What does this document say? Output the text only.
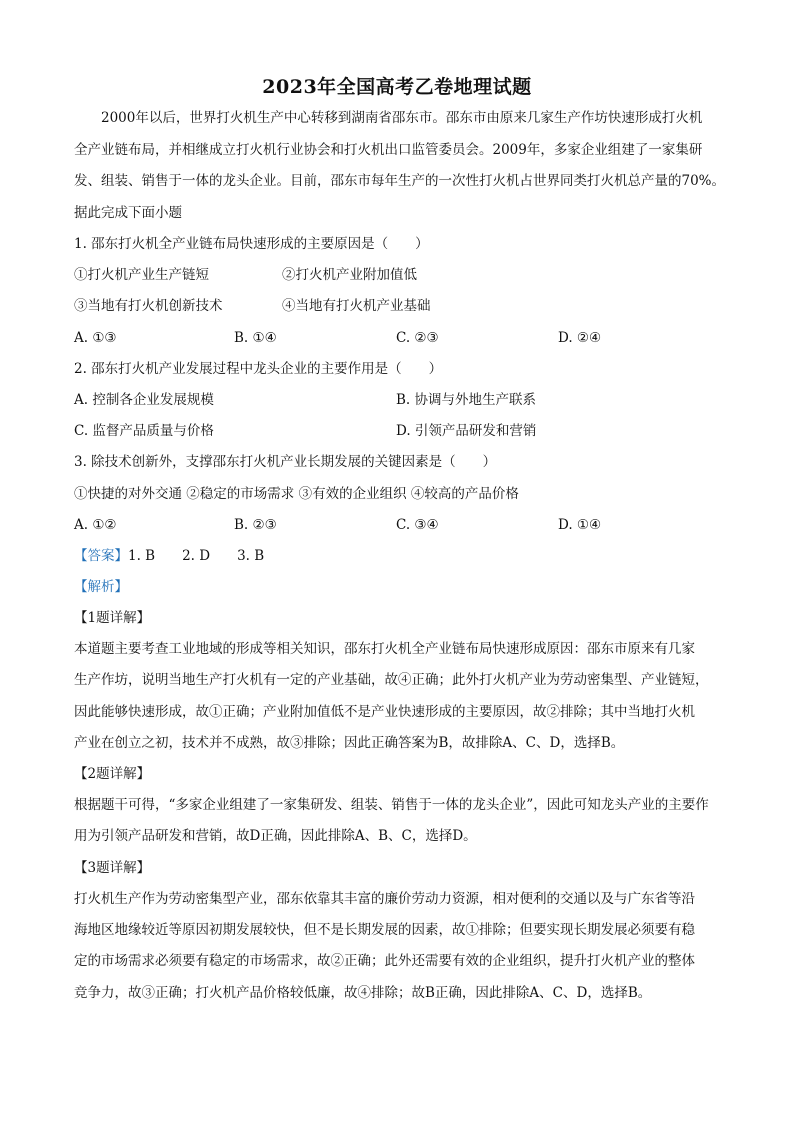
2023年全国高考乙卷地理试题
　　2000年以后，世界打火机生产中心转移到湖南省邵东市。邵东市由原来几家生产作坊快速形成打火机
全产业链布局，并相继成立打火机行业协会和打火机出口监管委员会。2009年，多家企业组建了一家集研
发、组装、销售于一体的龙头企业。目前，邵东市每年生产的一次性打火机占世界同类打火机总产量的70%。
据此完成下面小题
1. 邵东打火机全产业链布局快速形成的主要原因是（　　）
①打火机产业生产链短	②打火机产业附加值低
③当地有打火机创新技术	④当地有打火机产业基础
A. ①③	B. ①④	C. ②③	D. ②④
2. 邵东打火机产业发展过程中龙头企业的主要作用是（　　）
A. 控制各企业发展规模	B. 协调与外地生产联系
C. 监督产品质量与价格	D. 引领产品研发和营销
3. 除技术创新外，支撑邵东打火机产业长期发展的关键因素是（　　）
①快捷的对外交通 ②稳定的市场需求 ③有效的企业组织 ④较高的产品价格
A. ①②	B. ②③	C. ③④	D. ①④
【答案】1. B　　2. D　　3. B
【解析】
【1题详解】
本道题主要考查工业地域的形成等相关知识，邵东打火机全产业链布局快速形成原因：邵东市原来有几家
生产作坊，说明当地生产打火机有一定的产业基础，故④正确；此外打火机产业为劳动密集型、产业链短，
因此能够快速形成，故①正确；产业附加值低不是产业快速形成的主要原因，故②排除；其中当地打火机
产业在创立之初，技术并不成熟，故③排除；因此正确答案为B，故排除A、C、D，选择B。
【2题详解】
根据题干可得，“多家企业组建了一家集研发、组装、销售于一体的龙头企业”，因此可知龙头产业的主要作
用为引领产品研发和营销，故D正确，因此排除A、B、C，选择D。
【3题详解】
打火机生产作为劳动密集型产业，邵东依靠其丰富的廉价劳动力资源，相对便利的交通以及与广东省等沿
海地区地缘较近等原因初期发展较快，但不是长期发展的因素，故①排除；但要实现长期发展必须要有稳
定的市场需求必须要有稳定的市场需求，故②正确；此外还需要有效的企业组织，提升打火机产业的整体
竞争力，故③正确；打火机产品价格较低廉，故④排除；故B正确，因此排除A、C、D，选择B。
